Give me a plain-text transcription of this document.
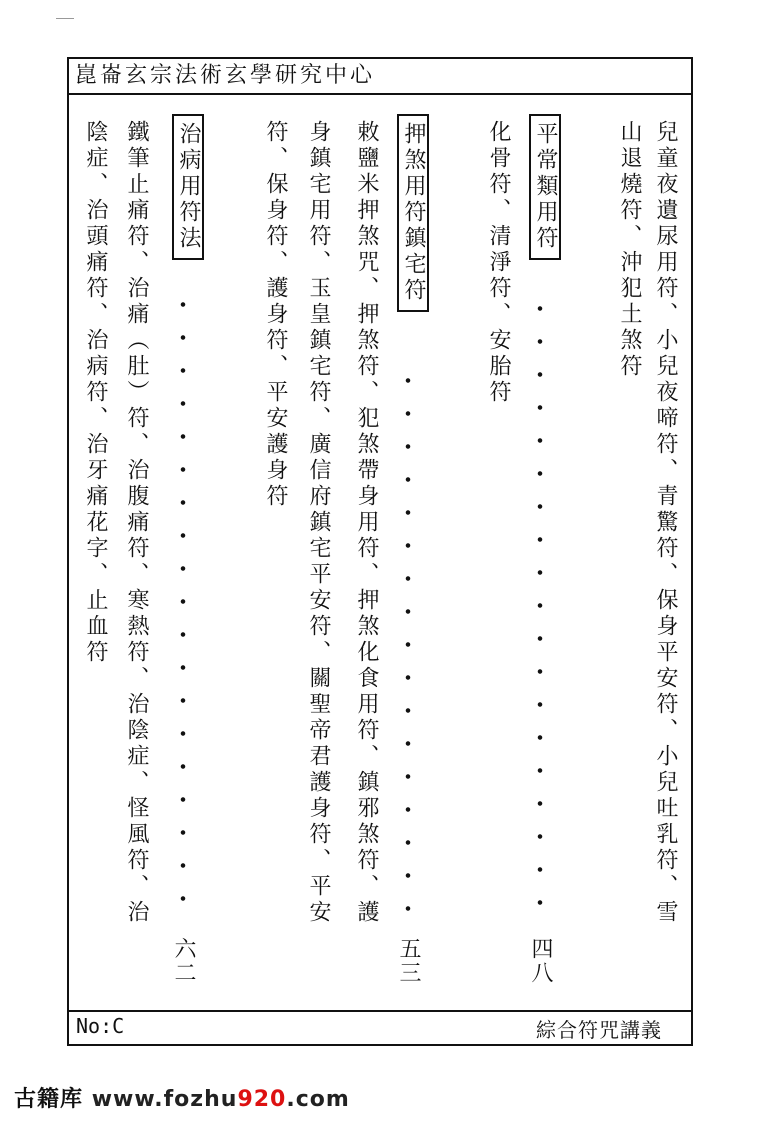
崑崙玄宗法術玄學研究中心

兒童夜遺尿用符、小兒夜啼符、青驚符、保身平安符、小兒吐乳符、雪
山退燒符、沖犯土煞符
平常類用符
四八
化骨符、清淨符、安胎符
押煞用符鎮宅符
五三
敕鹽米押煞咒、押煞符、犯煞帶身用符、押煞化食用符、鎮邪煞符、護
身鎮宅用符、玉皇鎮宅符、廣信府鎮宅平安符、關聖帝君護身符、平安
符、保身符、護身符、平安護身符
治病用符法
六二
鐵筆止痛符、治痛（肚）符、治腹痛符、寒熱符、治陰症、怪風符、治
陰症、治頭痛符、治病符、治牙痛花字、止血符
No:C	綜合符咒講義
古籍库 www.fozhu920.com
